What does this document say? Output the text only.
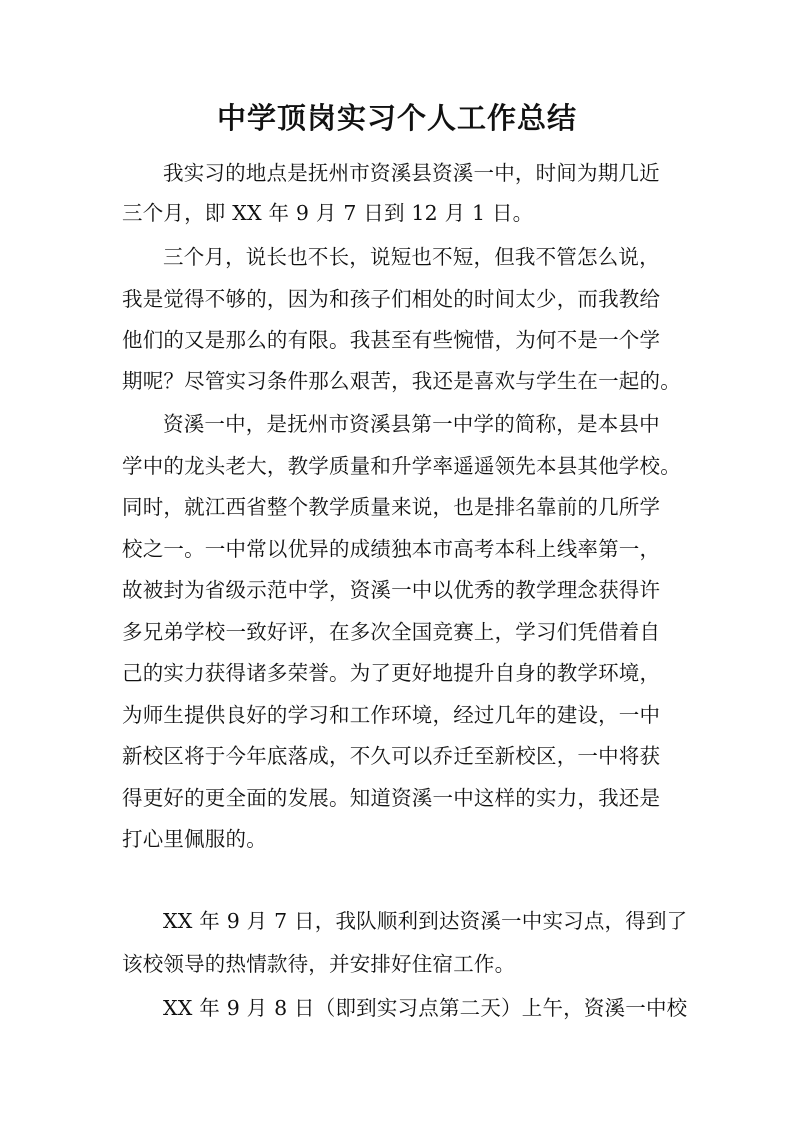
中学顶岗实习个人工作总结
我实习的地点是抚州市资溪县资溪一中，时间为期几近
三个月，即 XX 年 9 月 7 日到 12 月 1 日。
三个月，说长也不长，说短也不短，但我不管怎么说，
我是觉得不够的，因为和孩子们相处的时间太少，而我教给
他们的又是那么的有限。我甚至有些惋惜，为何不是一个学
期呢？尽管实习条件那么艰苦，我还是喜欢与学生在一起的。
资溪一中，是抚州市资溪县第一中学的简称，是本县中
学中的龙头老大，教学质量和升学率遥遥领先本县其他学校。
同时，就江西省整个教学质量来说，也是排名靠前的几所学
校之一。一中常以优异的成绩独本市高考本科上线率第一，
故被封为省级示范中学，资溪一中以优秀的教学理念获得许
多兄弟学校一致好评，在多次全国竞赛上，学习们凭借着自
己的实力获得诸多荣誉。为了更好地提升自身的教学环境，
为师生提供良好的学习和工作环境，经过几年的建设，一中
新校区将于今年底落成，不久可以乔迁至新校区，一中将获
得更好的更全面的发展。知道资溪一中这样的实力，我还是
打心里佩服的。
XX 年 9 月 7 日，我队顺利到达资溪一中实习点，得到了
该校领导的热情款待，并安排好住宿工作。
XX 年 9 月 8 日（即到实习点第二天）上午，资溪一中校
